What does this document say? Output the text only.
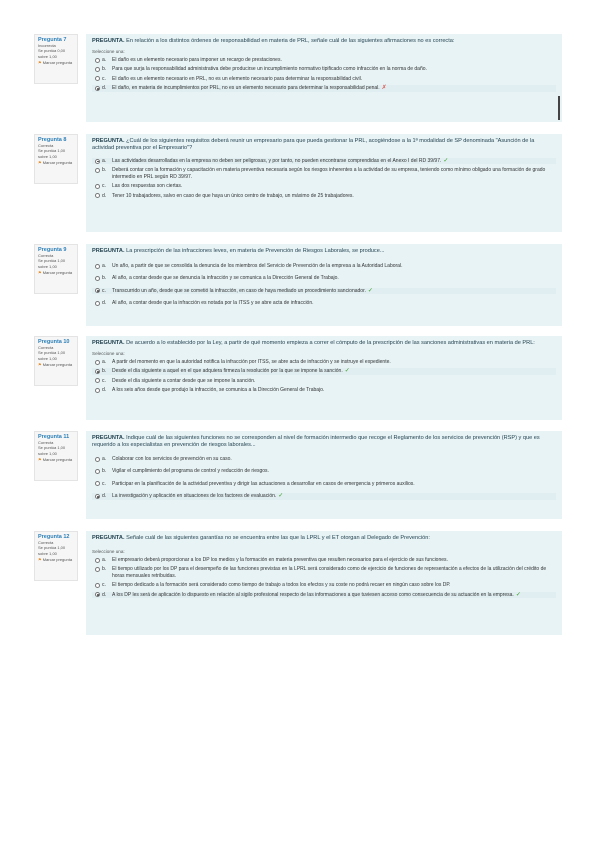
Pregunta 7
Incorrecta
Se puntúa 0,00
sobre 1,00
⚑ Marcar pregunta
PREGUNTA. En relación a los distintos órdenes de responsabilidad en materia de PRL, señale cuál de las siguientes afirmaciones no es correcta:
Seleccione una:
a. El daño es un elemento necesario para imponer un recargo de prestaciones.
b. Para que surja la responsabilidad administrativa debe producirse un incumplimiento normativo tipificado como infracción en la norma de daño.
c. El daño es un elemento necesario en PRL, no es un elemento necesario para determinar la responsabilidad civil.
d. El daño, en materia de incumplimientos por PRL, no es un elemento necesario para determinar la responsabilidad penal. ✗
Pregunta 8
Correcta
Se puntúa 1,00
sobre 1,00
⚑ Marcar pregunta
PREGUNTA. ¿Cuál de los siguientes requisitos deberá reunir un empresario para que pueda gestionar la PRL, acogiéndose a la 1ª modalidad de SP denominada "Asunción de la actividad preventiva por el Empresario"?
a. Las actividades desarrolladas en la empresa no deben ser peligrosas, y por tanto, no pueden encontrarse comprendidas en el Anexo I del RD 39/97. ✓
b. Deberá contar con la formación y capacitación en materia preventiva necesaria según los riesgos inherentes a la actividad de su empresa, teniendo como mínimo obligado una formación de grado intermedio en PRL según RD 39/97.
c. Las dos respuestas son ciertas.
d. Tener 10 trabajadores, salvo en caso de que haya un único centro de trabajo, un máximo de 25 trabajadores.
Pregunta 9
Correcta
Se puntúa 1,00
sobre 1,00
⚑ Marcar pregunta
PREGUNTA. La prescripción de las infracciones leves, en materia de Prevención de Riesgos Laborales, se produce...
a. Un año, a partir de que se consolida la denuncia de los miembros del Servicio de Prevención de la empresa a la Autoridad Laboral.
b. Al año, a contar desde que se denuncia la infracción y se comunica a la Dirección General de Trabajo.
c. Transcurrido un año, desde que se cometió la infracción, en caso de haya mediado un procedimiento sancionador. ✓
d. Al año, a contar desde que la infracción es notada por la ITSS y se abre acta de infracción.
Pregunta 10
Correcta
Se puntúa 1,00
sobre 1,00
⚑ Marcar pregunta
PREGUNTA. De acuerdo a lo establecido por la Ley, a partir de qué momento empieza a correr el cómputo de la prescripción de las sanciones administrativas en materia de PRL:
Seleccione una:
a. A partir del momento en que la autoridad notifica la infracción por ITSS, se abre acta de infracción y se instruye el expediente.
b. Desde el día siguiente a aquel en el que adquiera firmeza la resolución por la que se impone la sanción. ✓
c. Desde el día siguiente a contar desde que se impone la sanción.
d. A los seis años desde que produjo la infracción, se comunica a la Dirección General de Trabajo.
Pregunta 11
Correcta
Se puntúa 1,00
sobre 1,00
⚑ Marcar pregunta
PREGUNTA. Indique cuál de las siguientes funciones no se corresponden al nivel de formación intermedio que recoge el Reglamento de los servicios de prevención (RSP) y que es requerido a los especialistas en prevención de riesgos laborales...
a. Colaborar con los servicios de prevención en su caso.
b. Vigilar el cumplimiento del programa de control y reducción de riesgos.
c. Participar en la planificación de la actividad preventiva y dirigir las actuaciones a desarrollar en casos de emergencia y primeros auxilios.
d. La investigación y aplicación en situaciones de los factores de evaluación. ✓
Pregunta 12
Correcta
Se puntúa 1,00
sobre 1,00
⚑ Marcar pregunta
PREGUNTA. Señale cuál de las siguientes garantías no se encuentra entre las que la LPRL y el ET otorgan al Delegado de Prevención:
Seleccione una:
a. El empresario deberá proporcionar a los DP los medios y la formación en materia preventiva que resulten necesarios para el ejercicio de sus funciones.
b. El tiempo utilizado por los DP para el desempeño de las funciones previstas en la LPRL será considerado como de ejercicio de funciones de representación a efectos de la utilización del crédito de horas mensuales retribuidas.
c. El tiempo dedicado a la formación será considerado como tiempo de trabajo a todos los efectos y su coste no podrá recaer en ningún caso sobre los DP.
d. A los DP les será de aplicación lo dispuesto en relación al sigilo profesional respecto de las informaciones a que tuviesen acceso como consecuencia de su actuación en la empresa. ✓
